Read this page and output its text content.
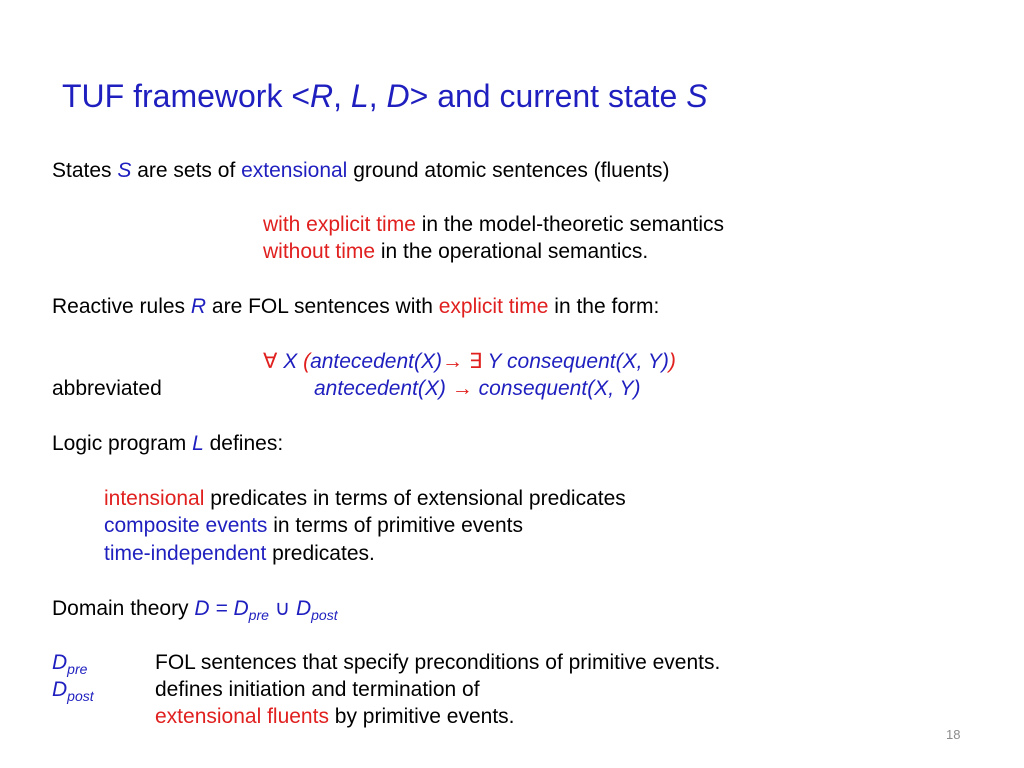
TUF framework <R, L, D> and current state S
States S are sets of extensional ground atomic sentences (fluents)
with explicit time in the model-theoretic semantics
without time in the operational semantics.
Reactive rules R are FOL sentences with explicit time in the form:
∀ X (antecedent(X)→ ∃ Y consequent(X, Y))
abbreviated	antecedent(X) → consequent(X, Y)
Logic program L defines:
intensional predicates in terms of extensional predicates
composite events in terms of primitive events
time-independent predicates.
Domain theory $D = D_{pre}$ ∪ $D_{post}$
$D_{pre}$	FOL sentences that specify preconditions of primitive events.
$D_{post}$	defines initiation and termination of
extensional fluents by primitive events.
18
